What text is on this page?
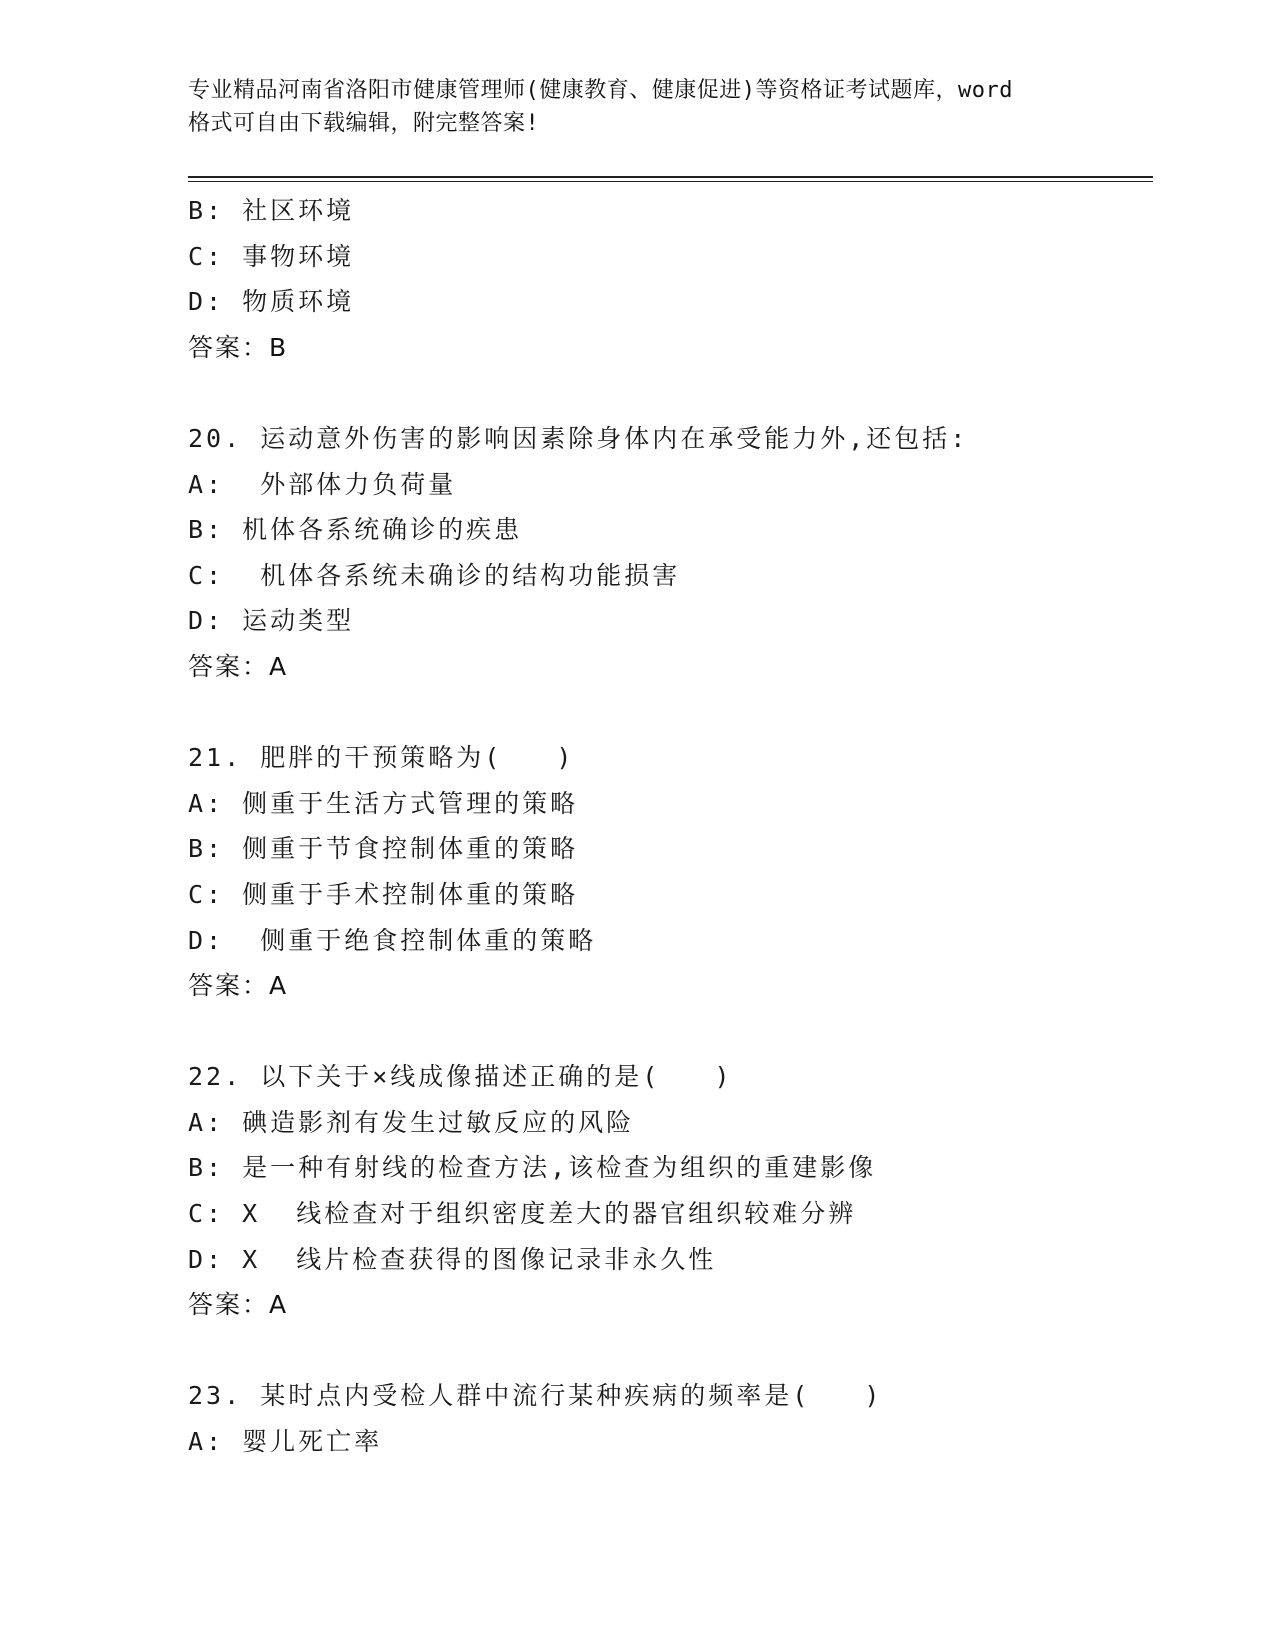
专业精品河南省洛阳市健康管理师(健康教育、健康促进)等资格证考试题库，word
格式可自由下载编辑，附完整答案!
B: 社区环境
C: 事物环境
D: 物质环境
答案：B
20. 运动意外伤害的影响因素除身体内在承受能力外,还包括:
A:  外部体力负荷量
B: 机体各系统确诊的疾患
C:  机体各系统未确诊的结构功能损害
D: 运动类型
答案：A
21. 肥胖的干预策略为(   )
A: 侧重于生活方式管理的策略
B: 侧重于节食控制体重的策略
C: 侧重于手术控制体重的策略
D:  侧重于绝食控制体重的策略
答案：A
22. 以下关于×线成像描述正确的是(   )
A: 碘造影剂有发生过敏反应的风险
B: 是一种有射线的检查方法,该检查为组织的重建影像
C: X  线检查对于组织密度差大的器官组织较难分辨
D: X  线片检查获得的图像记录非永久性
答案：A
23. 某时点内受检人群中流行某种疾病的频率是(   )
A: 婴儿死亡率
